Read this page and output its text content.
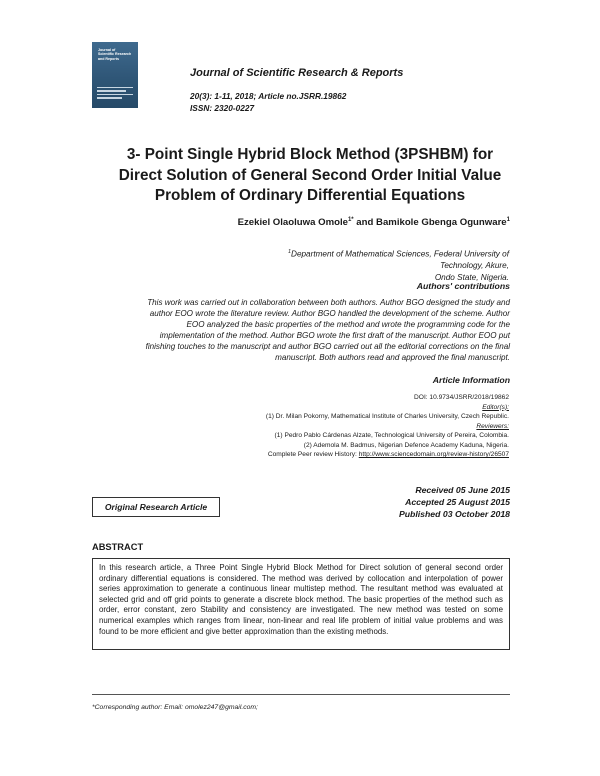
Journal of
Scientific Research
and Reports
Journal of Scientific Research & Reports
20(3): 1-11, 2018; Article no.JSRR.19862
ISSN: 2320-0227
3- Point Single Hybrid Block Method (3PSHBM) for
Direct Solution of General Second Order Initial Value
Problem of Ordinary Differential Equations
Ezekiel Olaoluwa Omole$^{1*}$ and Bamikole Gbenga Ogunware$^1$
$^1$Department of Mathematical Sciences, Federal University of Technology, Akure,
Ondo State, Nigeria.
Authors' contributions
This work was carried out in collaboration between both authors. Author BGO designed the study and
author EOO wrote the literature review. Author BGO handled the development of the scheme. Author
EOO analyzed the basic properties of the method and wrote the programming code for the
implementation of the method. Author BGO wrote the first draft of the manuscript. Author EOO put
finishing touches to the manuscript and author BGO carried out all the editorial corrections on the final
manuscript. Both authors read and approved the final manuscript.
Article Information
DOI: 10.9734/JSRR/2018/19862
Editor(s):
(1) Dr. Milan Pokorny, Mathematical Institute of Charles University, Czech Republic.
Reviewers:
(1) Pedro Pablo Cárdenas Alzate, Technological University of Pereira, Colombia.
(2) Ademola M. Badmus, Nigerian Defence Academy Kaduna, Nigeria.
Complete Peer review History: http://www.sciencedomain.org/review-history/26507
Original Research Article
Received 05 June 2015
Accepted 25 August 2015
Published 03 October 2018
ABSTRACT

In this research article, a Three Point Single Hybrid Block Method for Direct solution of general second order ordinary differential equations is considered. The method was derived by collocation and interpolation of power series approximation to generate a continuous linear multistep method. The resultant method was evaluated at selected grid and off grid points to generate a discrete block method. The basic properties of the method such as order, error constant, zero Stability and consistency are investigated. The new method was tested on some numerical examples which ranges from linear, non-linear and real life problem of initial value problems and was found to be more efficient and give better approximation than the existing methods.

*Corresponding author: Email: omolez247@gmail.com;
